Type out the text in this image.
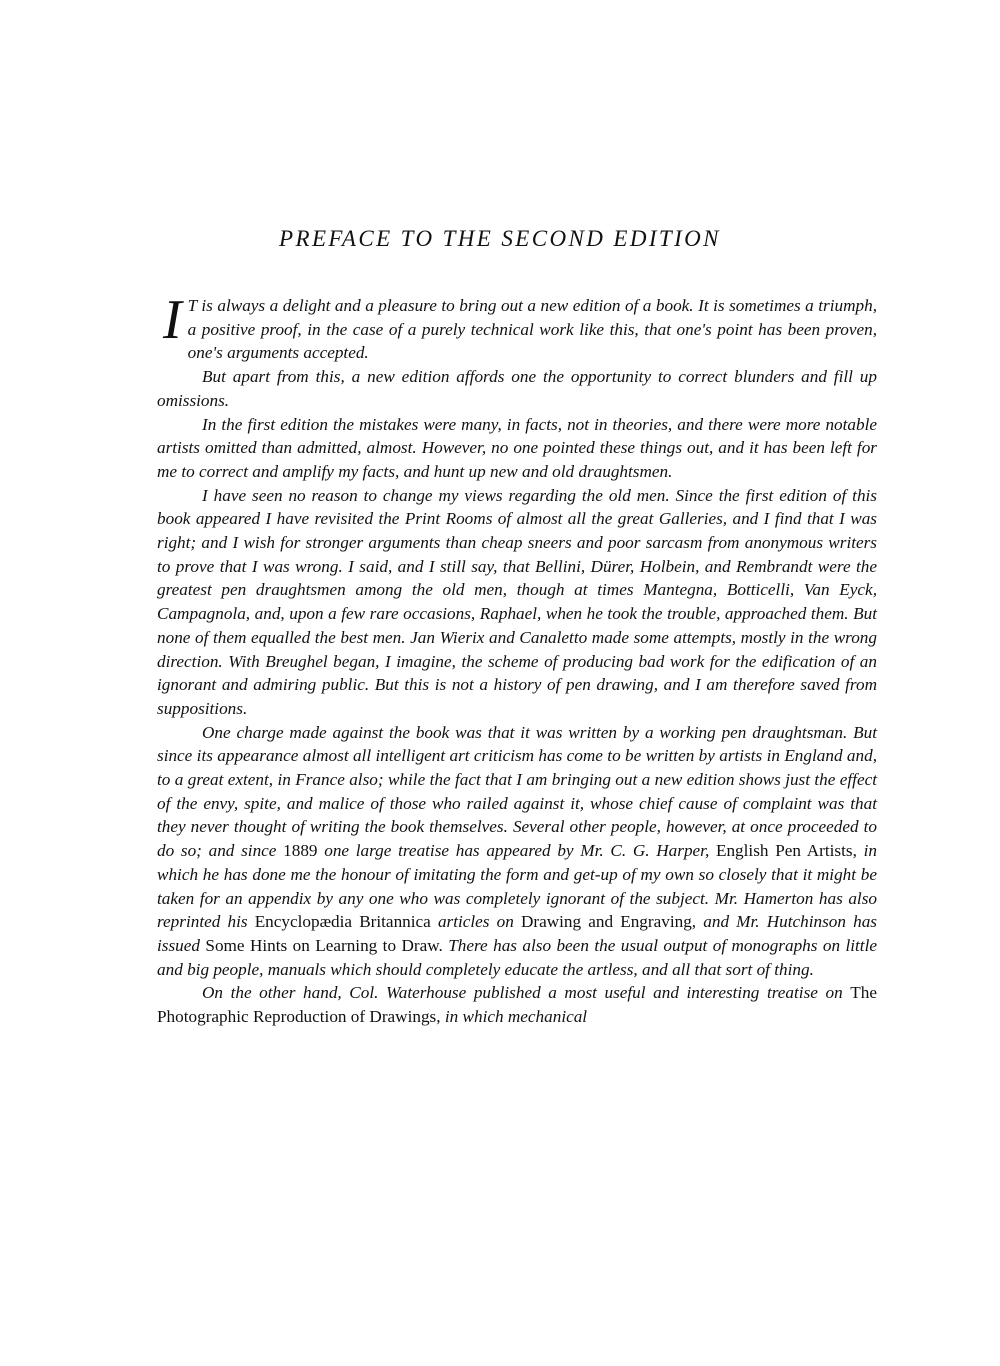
PREFACE TO THE SECOND EDITION

I T is always a delight and a pleasure to bring out a new edition of a book. It is sometimes a triumph, a positive proof, in the case of a purely technical work like this, that one's point has been proven, one's arguments accepted.

But apart from this, a new edition affords one the opportunity to correct blunders and fill up omissions.

In the first edition the mistakes were many, in facts, not in theories, and there were more notable artists omitted than admitted, almost. However, no one pointed these things out, and it has been left for me to correct and amplify my facts, and hunt up new and old draughtsmen.

I have seen no reason to change my views regarding the old men. Since the first edition of this book appeared I have revisited the Print Rooms of almost all the great Galleries, and I find that I was right; and I wish for stronger arguments than cheap sneers and poor sarcasm from anonymous writers to prove that I was wrong. I said, and I still say, that Bellini, Dürer, Holbein, and Rembrandt were the greatest pen draughtsmen among the old men, though at times Mantegna, Botticelli, Van Eyck, Campagnola, and, upon a few rare occasions, Raphael, when he took the trouble, approached them. But none of them equalled the best men. Jan Wierix and Canaletto made some attempts, mostly in the wrong direction. With Breughel began, I imagine, the scheme of producing bad work for the edification of an ignorant and admiring public. But this is not a history of pen drawing, and I am therefore saved from suppositions.

One charge made against the book was that it was written by a working pen draughtsman. But since its appearance almost all intelligent art criticism has come to be written by artists in England and, to a great extent, in France also; while the fact that I am bringing out a new edition shows just the effect of the envy, spite, and malice of those who railed against it, whose chief cause of complaint was that they never thought of writing the book themselves. Several other people, however, at once proceeded to do so; and since 1889 one large treatise has appeared by Mr. C. G. Harper, English Pen Artists, in which he has done me the honour of imitating the form and get-up of my own so closely that it might be taken for an appendix by any one who was completely ignorant of the subject. Mr. Hamerton has also reprinted his Encyclopædia Britannica articles on Drawing and Engraving, and Mr. Hutchinson has issued Some Hints on Learning to Draw. There has also been the usual output of monographs on little and big people, manuals which should completely educate the artless, and all that sort of thing.

On the other hand, Col. Waterhouse published a most useful and interesting treatise on The Photographic Reproduction of Drawings, in which mechanical
